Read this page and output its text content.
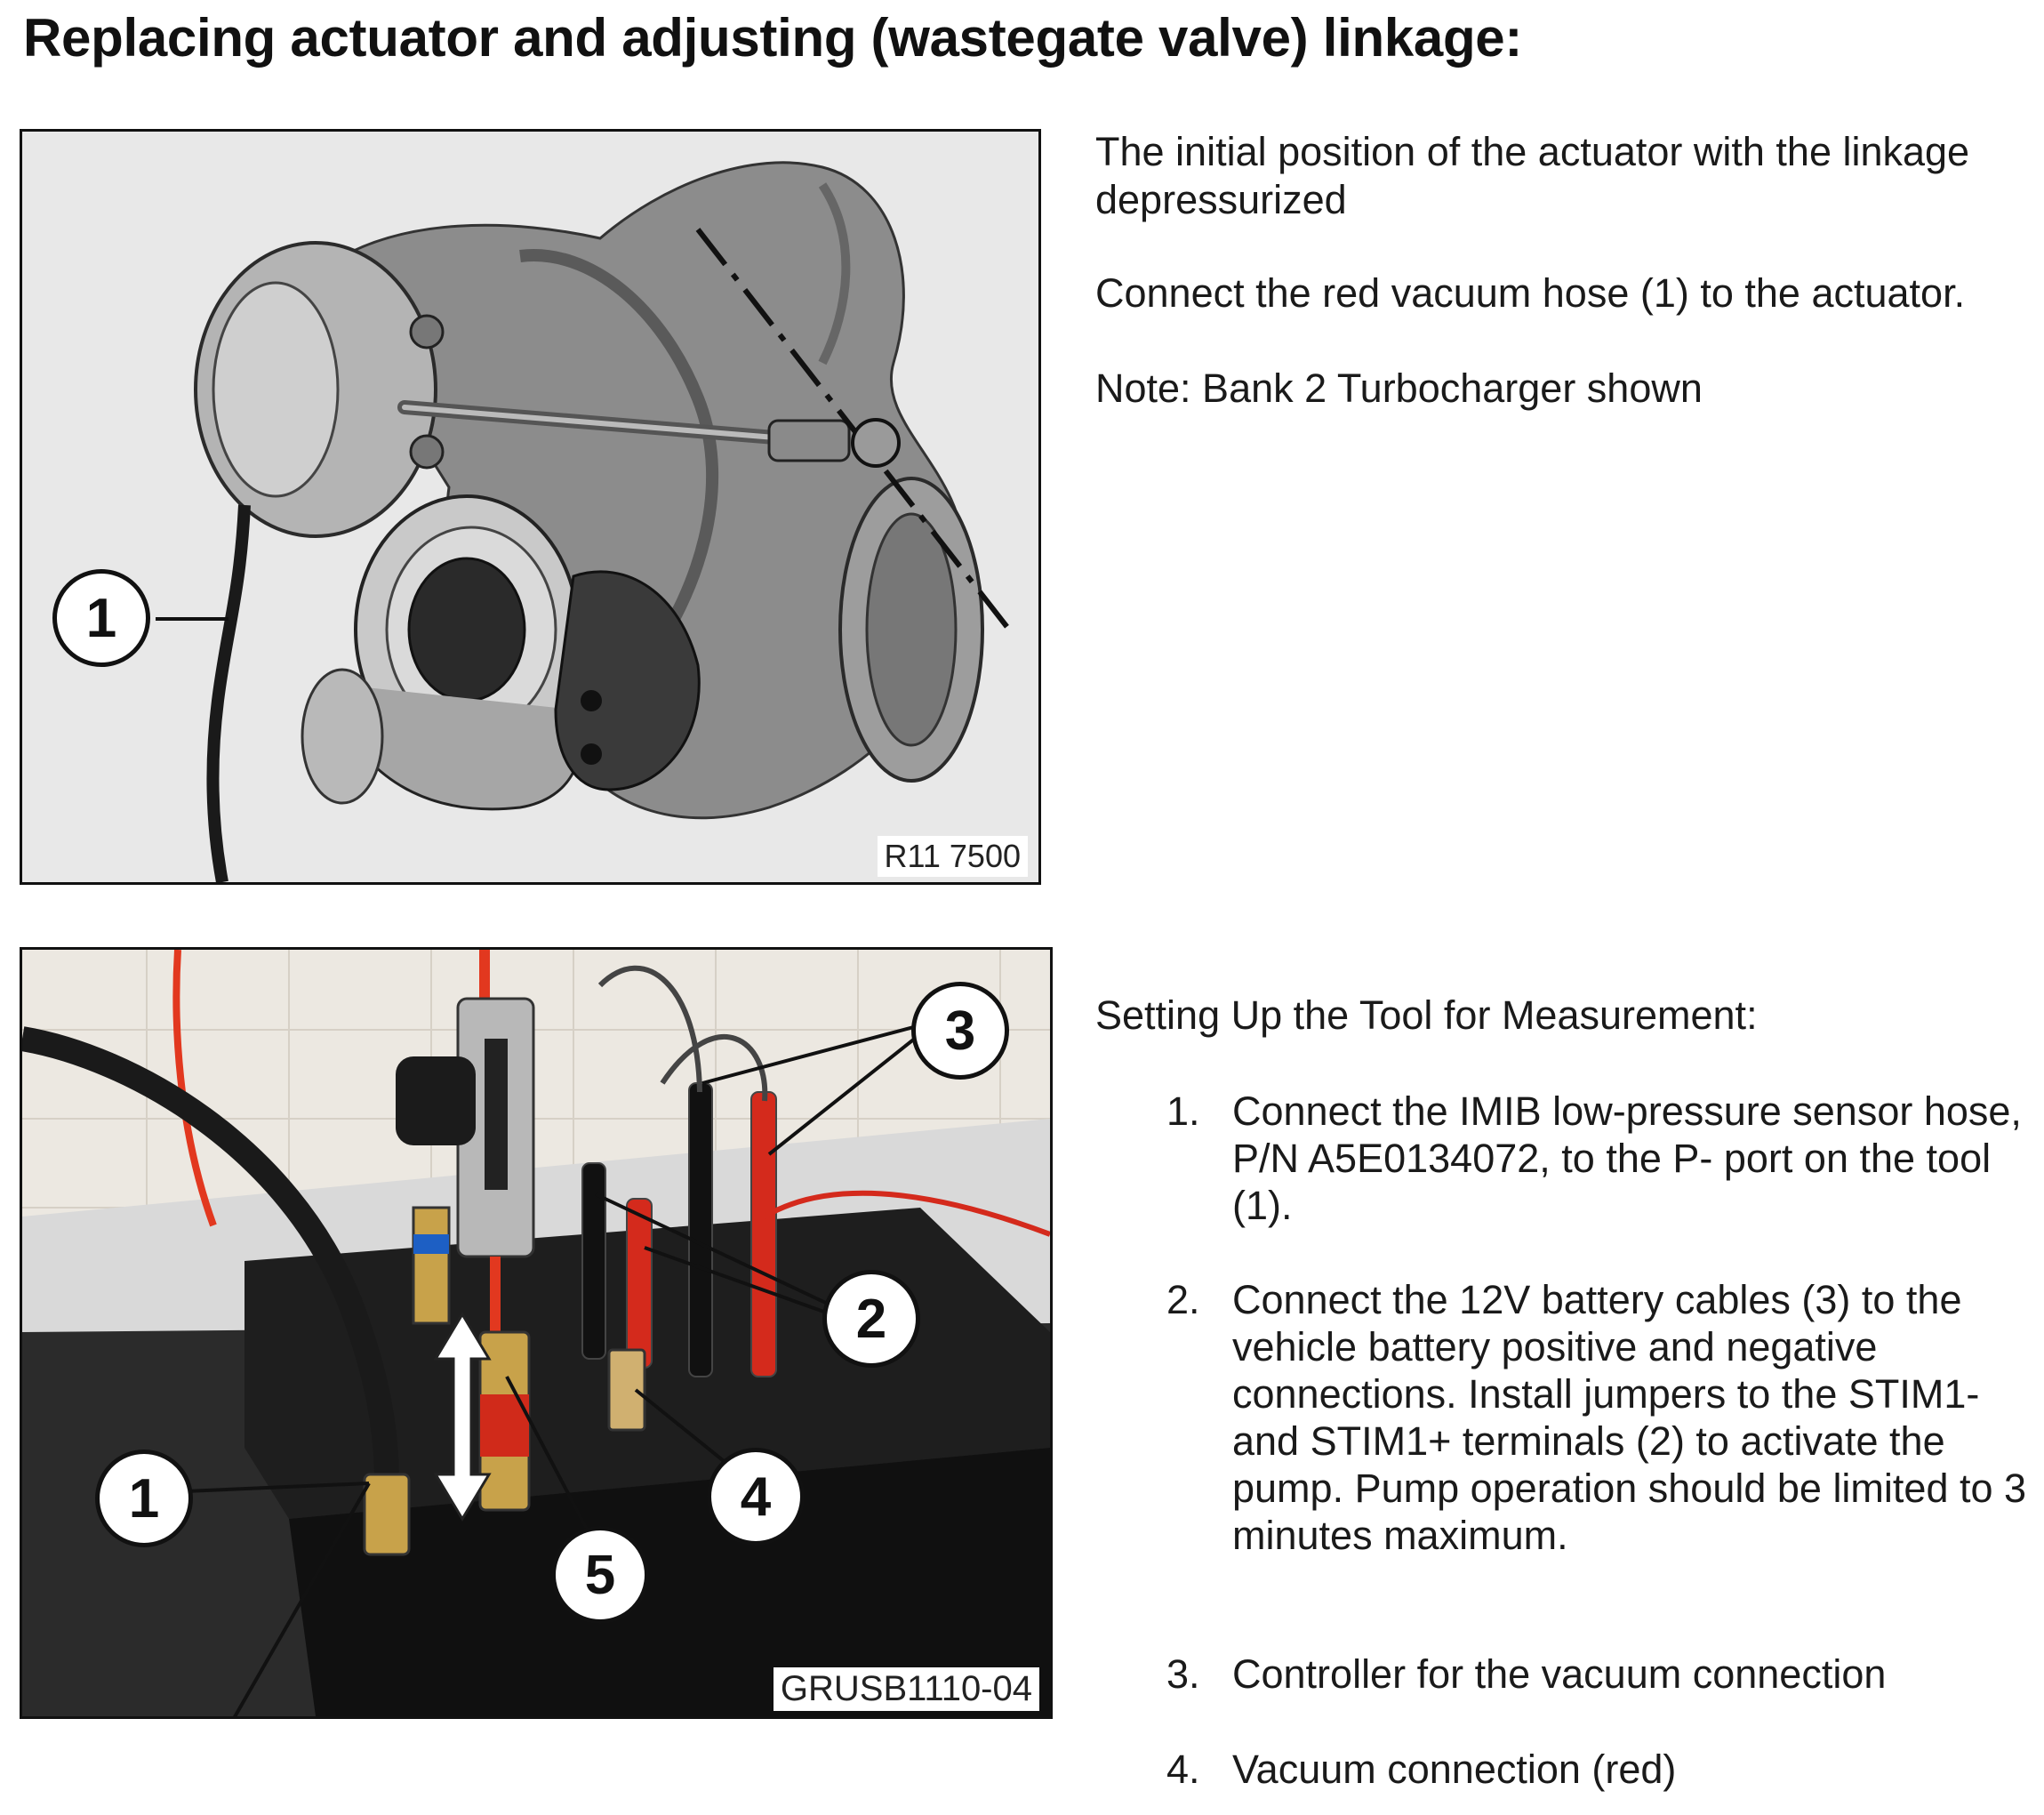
Replacing actuator and adjusting (wastegate valve) linkage:
1
R11 7500
The initial position of the actuator with the linkage depressurized
Connect the red vacuum hose (1) to the actuator.
Note: Bank 2 Turbocharger shown
3
2
1	4
5
GRUSB1110-04
Setting Up the Tool for Measurement:
1. Connect the IMIB low-pressure sensor hose, P/N A5E0134072, to the P- port on the tool (1).
2. Connect the 12V battery cables (3) to the vehicle battery positive and negative connections. Install jumpers to the STIM1- and STIM1+ terminals (2) to activate the pump. Pump operation should be limited to 3 minutes maximum.
3. Controller for the vacuum connection
4. Vacuum connection (red)
